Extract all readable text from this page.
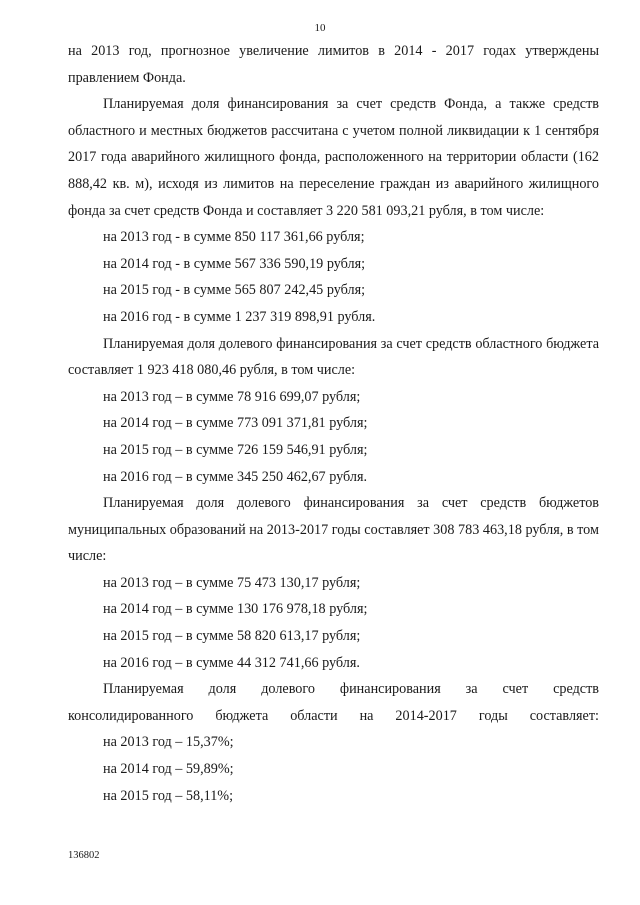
10

на 2013 год, прогнозное увеличение лимитов в 2014 - 2017 годах утверждены правлением Фонда.

Планируемая доля финансирования за счет средств Фонда, а также средств областного и местных бюджетов рассчитана с учетом полной ликвидации к 1 сентября 2017 года аварийного жилищного фонда, расположенного на территории области (162 888,42 кв. м), исходя из лимитов на переселение граждан из аварийного жилищного фонда за счет средств Фонда и составляет 3 220 581 093,21 рубля, в том числе:

на 2013 год - в сумме 850 117 361,66 рубля;

на 2014 год - в сумме 567 336 590,19 рубля;

на 2015 год - в сумме 565 807 242,45 рубля;

на 2016 год - в сумме 1 237 319 898,91 рубля.

Планируемая доля долевого финансирования за счет средств областного бюджета составляет 1 923 418 080,46 рубля, в том числе:

на 2013 год – в сумме 78 916 699,07 рубля;

на 2014 год – в сумме 773 091 371,81 рубля;

на 2015 год – в сумме 726 159 546,91 рубля;

на 2016 год – в сумме 345 250 462,67 рубля.

Планируемая доля долевого финансирования за счет средств бюджетов муниципальных образований на 2013-2017 годы составляет 308 783 463,18 рубля, в том числе:

на 2013 год – в сумме 75 473 130,17 рубля;

на 2014 год – в сумме 130 176 978,18 рубля;

на 2015 год – в сумме 58 820 613,17 рубля;

на 2016 год – в сумме 44 312 741,66 рубля.

Планируемая доля долевого финансирования за счет средств консолидированного бюджета области на 2014-2017 годы составляет:

на 2013 год – 15,37%;

на 2014 год – 59,89%;

на 2015 год – 58,11%;

136802
